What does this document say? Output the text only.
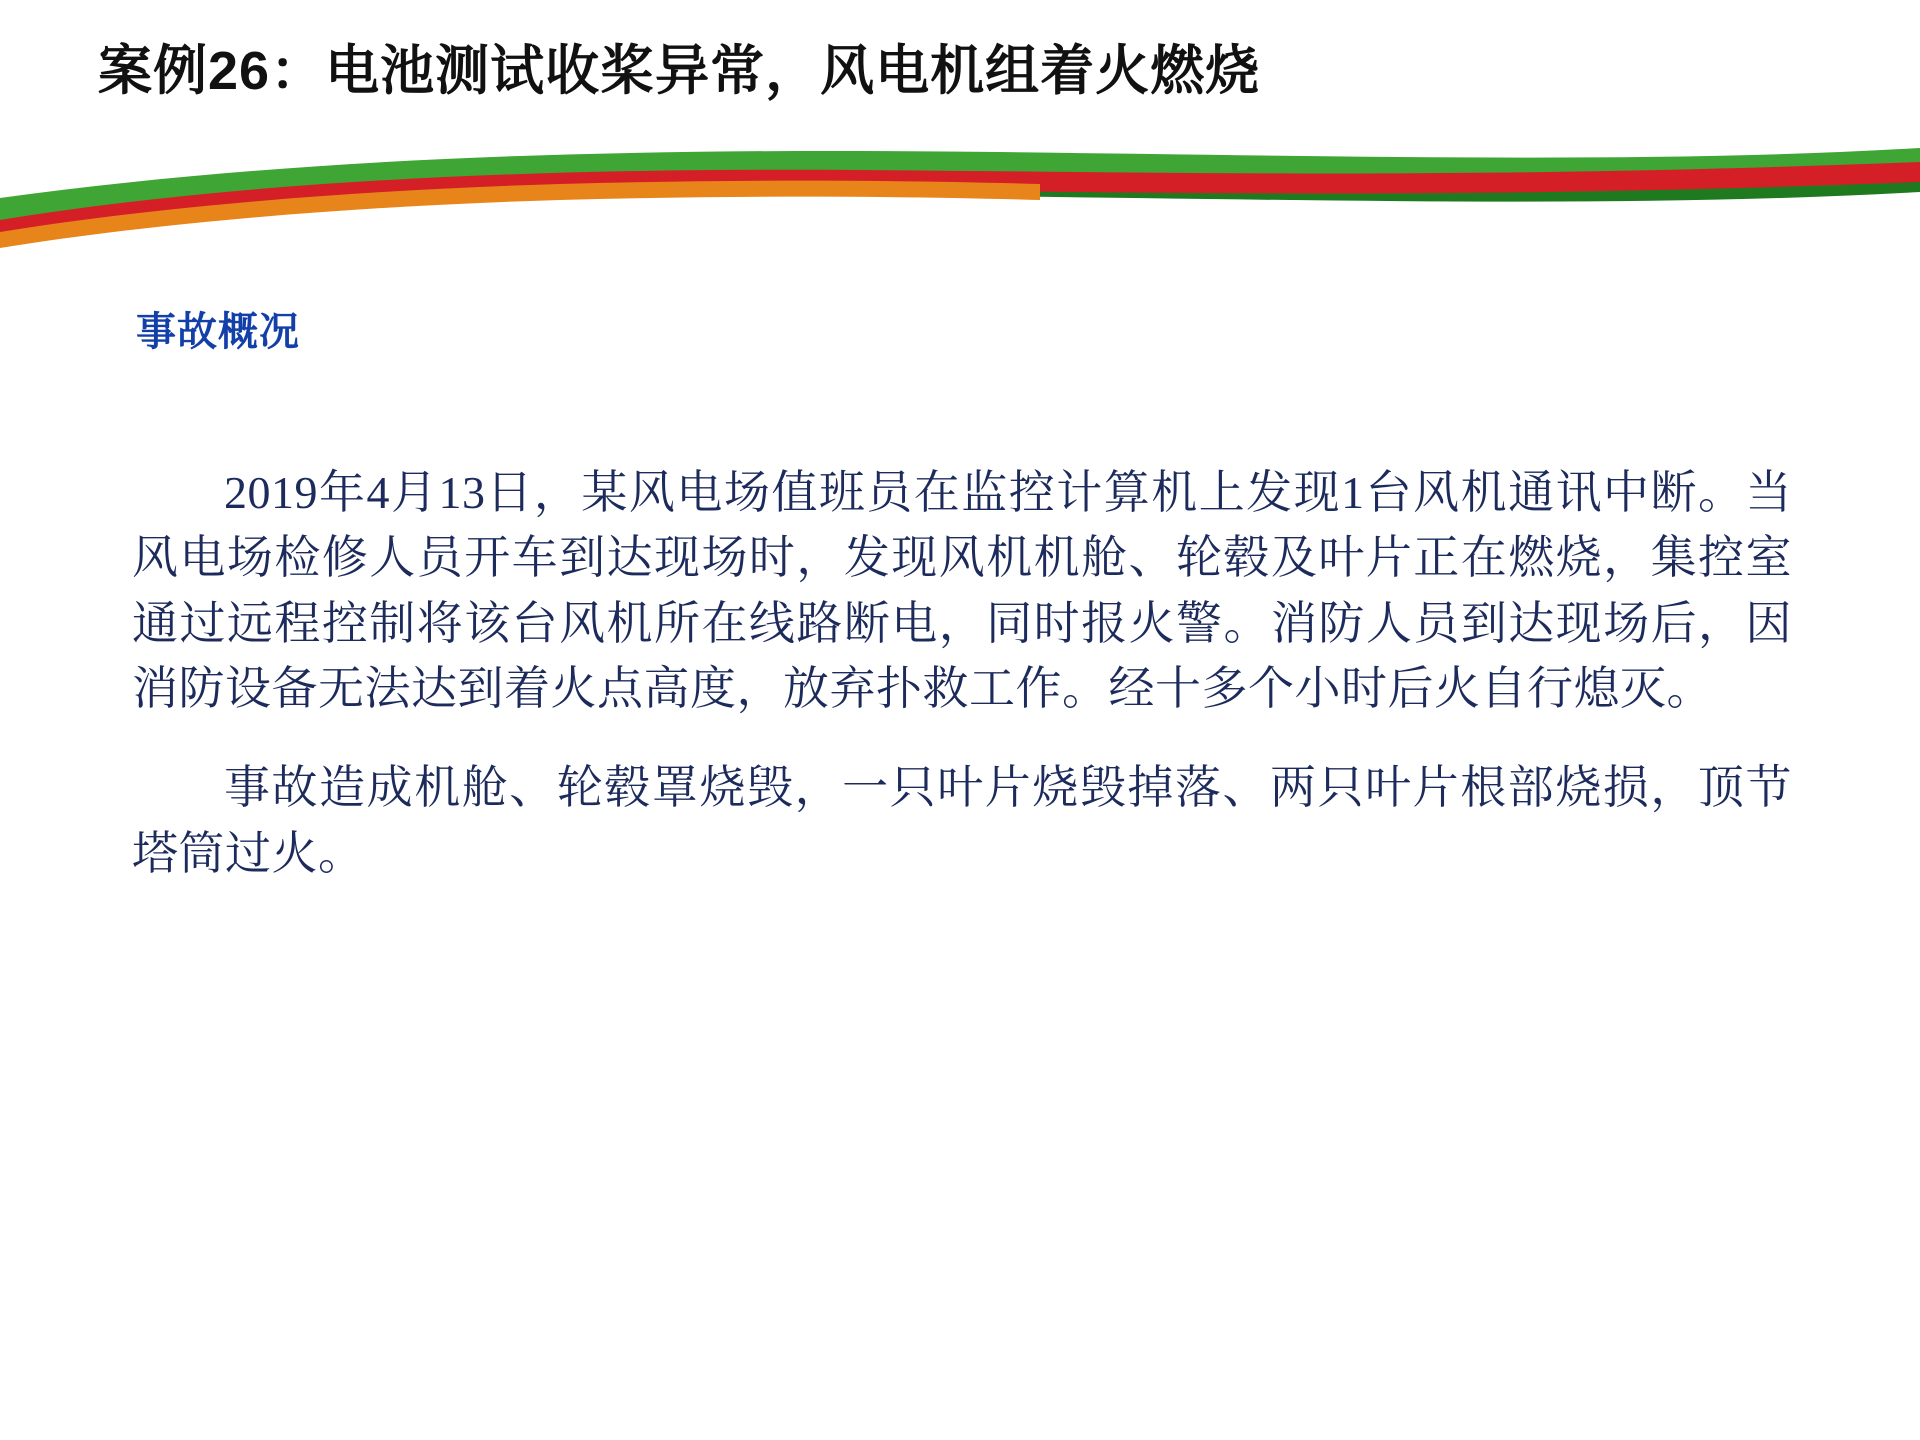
案例26：电池测试收桨异常，风电机组着火燃烧
事故概况

2019年4月13日，某风电场值班员在监控计算机上发现1台风机通讯中断。当风电场检修人员开车到达现场时，发现风机机舱、轮毂及叶片正在燃烧，集控室通过远程控制将该台风机所在线路断电，同时报火警。消防人员到达现场后，因消防设备无法达到着火点高度，放弃扑救工作。经十多个小时后火自行熄灭。

事故造成机舱、轮毂罩烧毁，一只叶片烧毁掉落、两只叶片根部烧损，顶节塔筒过火。
